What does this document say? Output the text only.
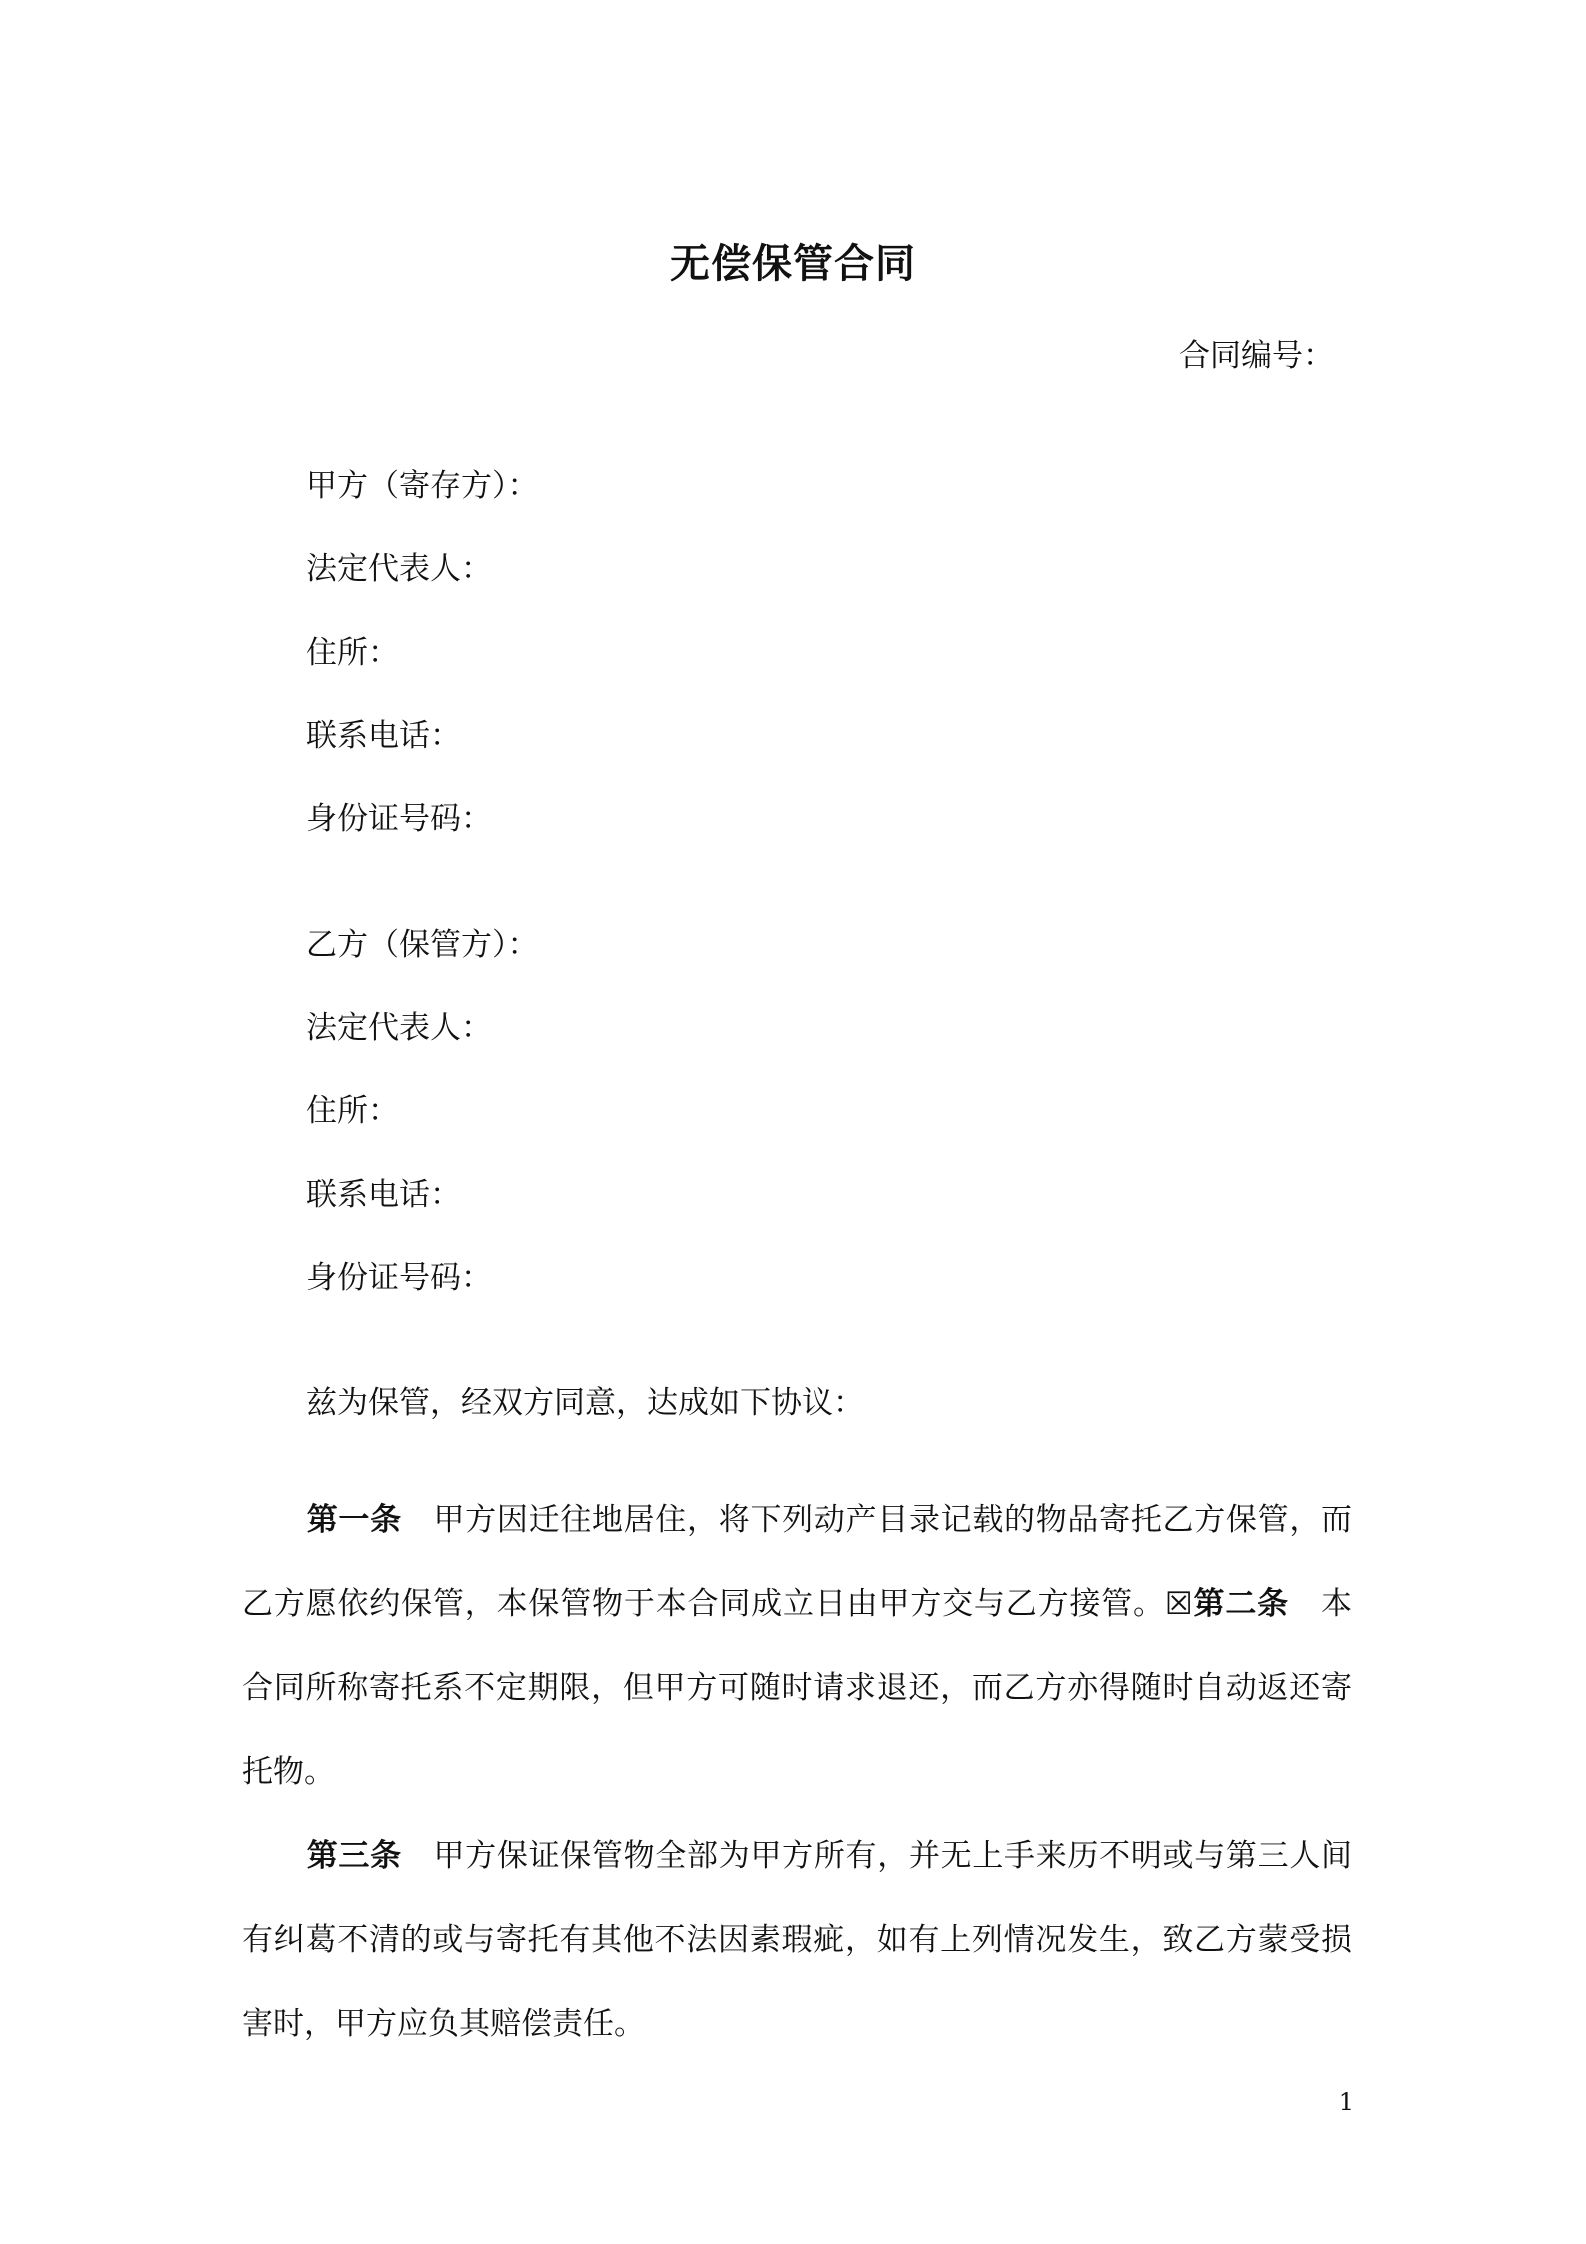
无偿保管合同
合同编号：
甲方（寄存方）：
法定代表人：
住所：
联系电话：
身份证号码：
乙方（保管方）：
法定代表人：
住所：
联系电话：
身份证号码：
兹为保管，经双方同意，达成如下协议：
第一条 甲方因迁往地居住，将下列动产目录记载的物品寄托乙方保管，而乙方愿依约保管，本保管物于本合同成立日由甲方交与乙方接管。☒第二条 本合同所称寄托系不定期限，但甲方可随时请求退还，而乙方亦得随时自动返还寄托物。
第三条 甲方保证保管物全部为甲方所有，并无上手来历不明或与第三人间有纠葛不清的或与寄托有其他不法因素瑕疵，如有上列情况发生，致乙方蒙受损害时，甲方应负其赔偿责任。
1
